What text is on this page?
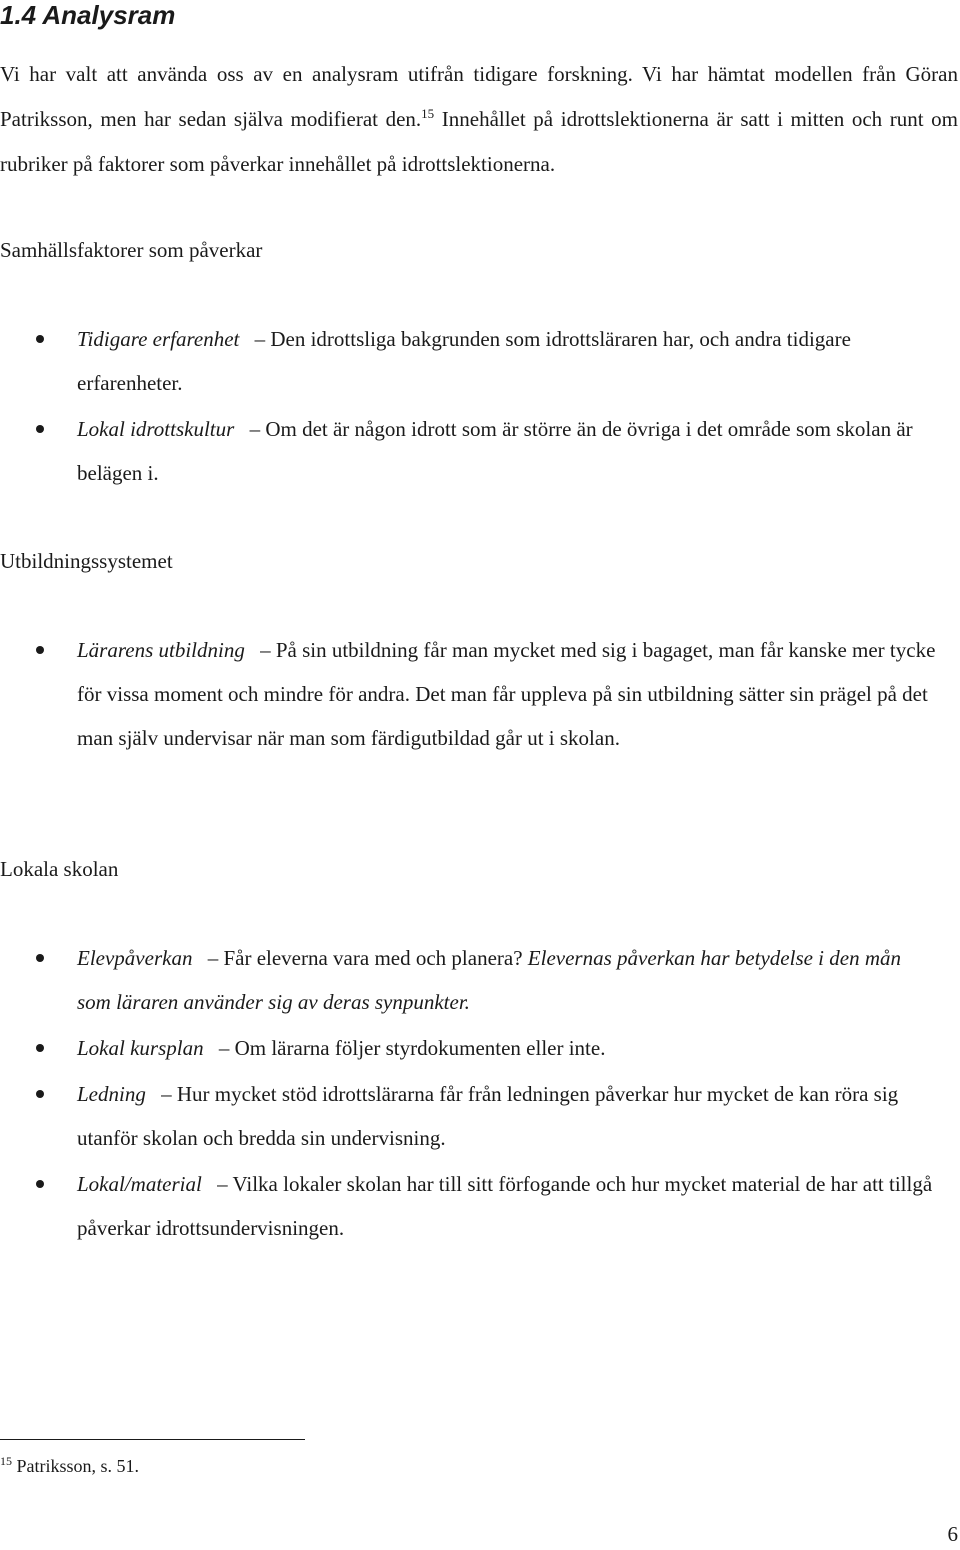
1.4 Analysram

Vi har valt att använda oss av en analysram utifrån tidigare forskning. Vi har hämtat modellen från Göran Patriksson, men har sedan själva modifierat den.$^{15}$ Innehållet på idrottslektionerna är satt i mitten och runt om rubriker på faktorer som påverkar innehållet på idrottslektionerna.

Samhällsfaktorer som påverkar

Tidigare erfarenhet – Den idrottsliga bakgrunden som idrottsläraren har, och andra tidigare erfarenheter.
Lokal idrottskultur – Om det är någon idrott som är större än de övriga i det område som skolan är belägen i.

Utbildningssystemet

Lärarens utbildning – På sin utbildning får man mycket med sig i bagaget, man får kanske mer tycke för vissa moment och mindre för andra. Det man får uppleva på sin utbildning sätter sin prägel på det man själv undervisar när man som färdigutbildad går ut i skolan.

Lokala skolan

Elevpåverkan – Får eleverna vara med och planera? Elevernas påverkan har betydelse i den mån som läraren använder sig av deras synpunkter.
Lokal kursplan – Om lärarna följer styrdokumenten eller inte.
Ledning – Hur mycket stöd idrottslärarna får från ledningen påverkar hur mycket de kan röra sig utanför skolan och bredda sin undervisning.
Lokal/material – Vilka lokaler skolan har till sitt förfogande och hur mycket material de har att tillgå påverkar idrottsundervisningen.

$^{15}$ Patriksson, s. 51.

6
